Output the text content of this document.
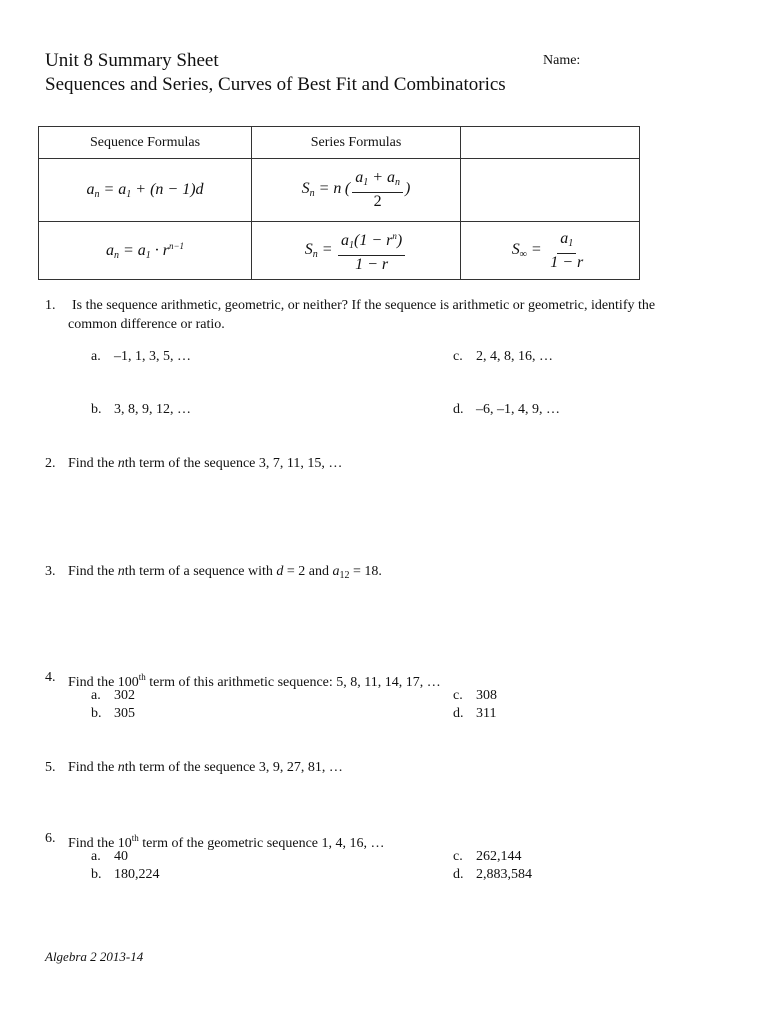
Unit 8 Summary Sheet	Name:
Sequences and Series, Curves of Best Fit and Combinatorics
Sequence Formulas	Series Formulas	
$a_n = a_1 + (n - 1)d$	$S_n = n$ ( $\frac{a_1 + a_n}{2}$ )	
$a_n = a_1 \cdot r^{n-1}$	$S_n = \frac{a_1(1 - r^n)}{1 - r}$	$S_\infty = \frac{a_1}{1 - r}$
1. Is the sequence arithmetic, geometric, or neither? If the sequence is arithmetic or geometric, identify the
common difference or ratio.
a. –1, 1, 3, 5, …	c. 2, 4, 8, 16, …
b. 3, 8, 9, 12, …	d. –6, –1, 4, 9, …
2. Find the nth term of the sequence 3, 7, 11, 15, …
3. Find the nth term of a sequence with d = 2 and $a_{12} = 18$.
4. Find the 100th term of this arithmetic sequence: 5, 8, 11, 14, 17, …
a. 302	c. 308
b. 305	d. 311
5. Find the nth term of the sequence 3, 9, 27, 81, …
6. Find the 10th term of the geometric sequence 1, 4, 16, …
a. 40	c. 262,144
b. 180,224	d. 2,883,584
Algebra 2 2013-14
